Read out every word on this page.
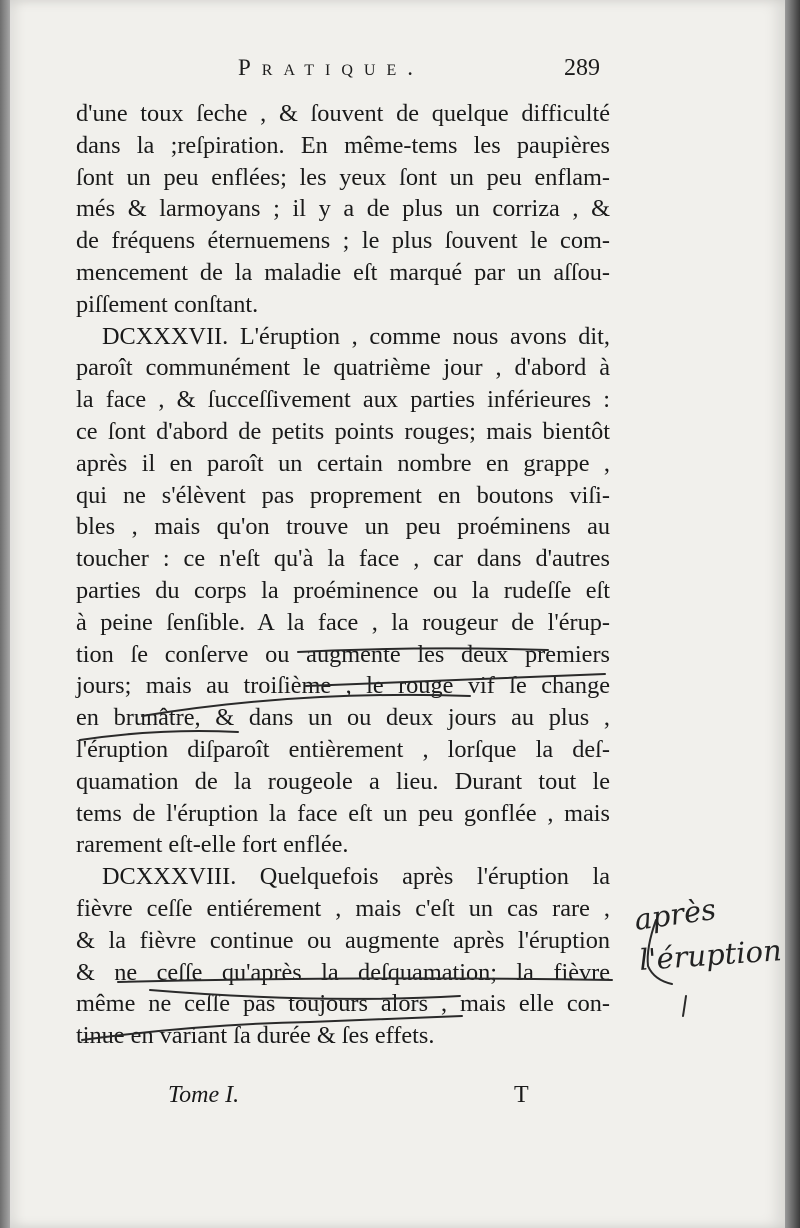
Pratique.	289
d'une toux ſeche , & ſouvent de quelque difficulté
dans la ;reſpiration. En même-tems les paupières
ſont un peu enflées; les yeux ſont un peu enflam-
més & larmoyans ; il y a de plus un corriza , &
de fréquens éternuemens ; le plus ſouvent le com-
mencement de la maladie eſt marqué par un aſſou-
piſſement conſtant.
DCXXXVII. L'éruption , comme nous avons dit,
paroît communément le quatrième jour , d'abord à
la face , & ſucceſſivement aux parties inférieures :
ce ſont d'abord de petits points rouges; mais bientôt
après il en paroît un certain nombre en grappe ,
qui ne s'élèvent pas proprement en boutons viſi-
bles , mais qu'on trouve un peu proéminens au
toucher : ce n'eſt qu'à la face , car dans d'autres
parties du corps la proéminence ou la rudeſſe eſt
à peine ſenſible. A la face , la rougeur de l'érup-
tion ſe conſerve ou augmente les deux premiers
jours; mais au troiſième , le rouge vif ſe change
en brunâtre, & dans un ou deux jours au plus ,
l'éruption diſparoît entièrement , lorſque la deſ-
quamation de la rougeole a lieu. Durant tout le
tems de l'éruption la face eſt un peu gonflée , mais
rarement eſt-elle fort enflée.
DCXXXVIII. Quelquefois après l'éruption la
fièvre ceſſe entiérement , mais c'eſt un cas rare ,
& la fièvre continue ou augmente après l'éruption
& ne ceſſe qu'après la deſquamation; la fièvre
même ne ceſſe pas toujours alors , mais elle con-
tinue en variant ſa durée & ſes effets.
Tome I.	T
après
l'éruption
